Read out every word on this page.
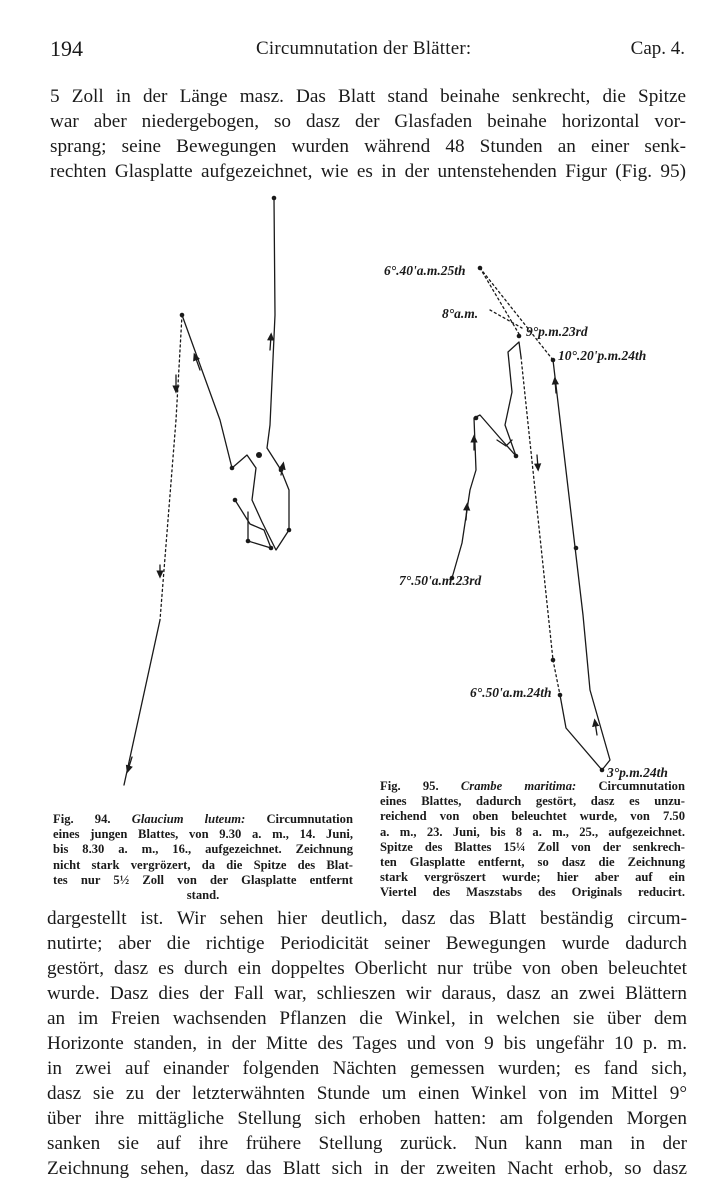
194	Circumnutation der Blätter:	Cap. 4.
5 Zoll in der Länge masz. Das Blatt stand beinahe senkrecht, die Spitze
war aber niedergebogen, so dasz der Glasfaden beinahe horizontal vor-
sprang; seine Bewegungen wurden während 48 Stunden an einer senk-
rechten Glasplatte aufgezeichnet, wie es in der untenstehenden Figur (Fig. 95)
6°.40'a.m.25th
8°a.m.
9°p.m.23rd
10°.20'p.m.24th
7°.50'a.m.23rd
6°.50'a.m.24th
3°p.m.24th
Fig. 94. Glaucium luteum: Circumnutation
eines jungen Blattes, von 9.30 a. m., 14. Juni,
bis 8.30 a. m., 16., aufgezeichnet. Zeichnung
nicht stark vergrözert, da die Spitze des Blat-
tes nur 5½ Zoll von der Glasplatte entfernt
stand.
Fig. 95. Crambe maritima: Circumnutation
eines Blattes, dadurch gestört, dasz es unzu-
reichend von oben beleuchtet wurde, von 7.50
a. m., 23. Juni, bis 8 a. m., 25., aufgezeichnet.
Spitze des Blattes 15¼ Zoll von der senkrech-
ten Glasplatte entfernt, so dasz die Zeichnung
stark vergröszert wurde; hier aber auf ein
Viertel des Maszstabs des Originals reducirt.
dargestellt ist. Wir sehen hier deutlich, dasz das Blatt beständig circum-
nutirte; aber die richtige Periodicität seiner Bewegungen wurde dadurch
gestört, dasz es durch ein doppeltes Oberlicht nur trübe von oben beleuchtet
wurde. Dasz dies der Fall war, schlieszen wir daraus, dasz an zwei Blättern
an im Freien wachsenden Pflanzen die Winkel, in welchen sie über dem
Horizonte standen, in der Mitte des Tages und von 9 bis ungefähr 10 p. m.
in zwei auf einander folgenden Nächten gemessen wurden; es fand sich,
dasz sie zu der letzterwähnten Stunde um einen Winkel von im Mittel 9°
über ihre mittägliche Stellung sich erhoben hatten: am folgenden Morgen
sanken sie auf ihre frühere Stellung zurück. Nun kann man in der
Zeichnung sehen, dasz das Blatt sich in der zweiten Nacht erhob, so dasz
